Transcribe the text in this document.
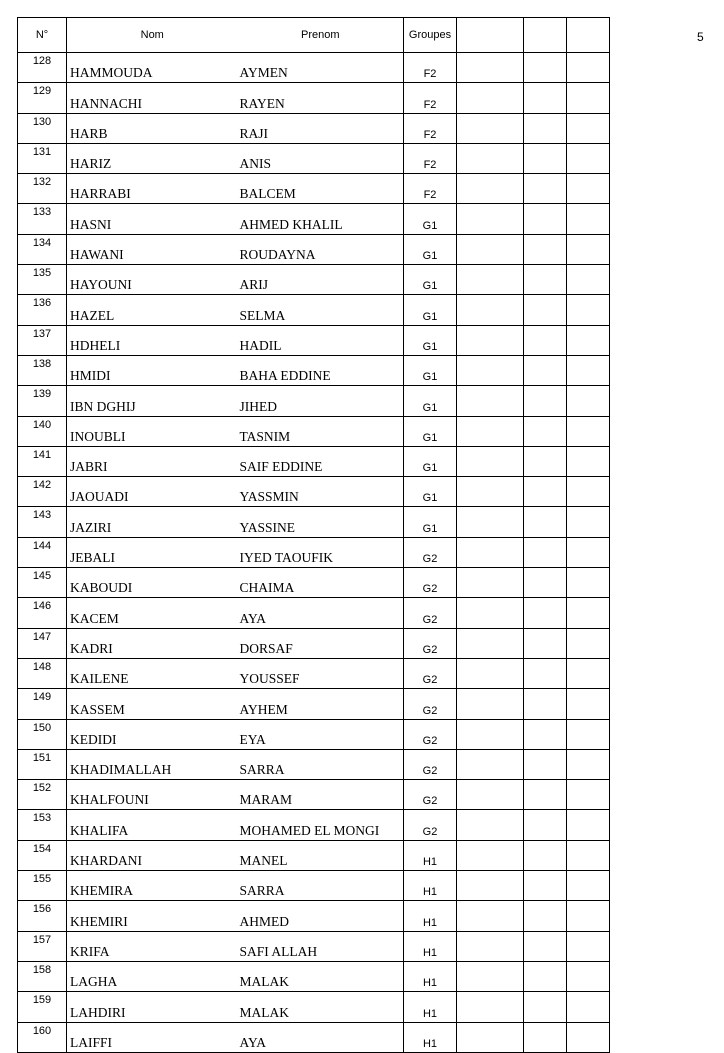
5
N°	Nom	Prenom	Groupes			
128	HAMMOUDA	AYMEN	F2			
129	HANNACHI	RAYEN	F2			
130	HARB	RAJI	F2			
131	HARIZ	ANIS	F2			
132	HARRABI	BALCEM	F2			
133	HASNI	AHMED KHALIL	G1			
134	HAWANI	ROUDAYNA	G1			
135	HAYOUNI	ARIJ	G1			
136	HAZEL	SELMA	G1			
137	HDHELI	HADIL	G1			
138	HMIDI	BAHA EDDINE	G1			
139	IBN DGHIJ	JIHED	G1			
140	INOUBLI	TASNIM	G1			
141	JABRI	SAIF EDDINE	G1			
142	JAOUADI	YASSMIN	G1			
143	JAZIRI	YASSINE	G1			
144	JEBALI	IYED TAOUFIK	G2			
145	KABOUDI	CHAIMA	G2			
146	KACEM	AYA	G2			
147	KADRI	DORSAF	G2			
148	KAILENE	YOUSSEF	G2			
149	KASSEM	AYHEM	G2			
150	KEDIDI	EYA	G2			
151	KHADIMALLAH	SARRA	G2			
152	KHALFOUNI	MARAM	G2			
153	KHALIFA	MOHAMED EL MONGI	G2			
154	KHARDANI	MANEL	H1			
155	KHEMIRA	SARRA	H1			
156	KHEMIRI	AHMED	H1			
157	KRIFA	SAFI ALLAH	H1			
158	LAGHA	MALAK	H1			
159	LAHDIRI	MALAK	H1			
160	LAIFFI	AYA	H1			
